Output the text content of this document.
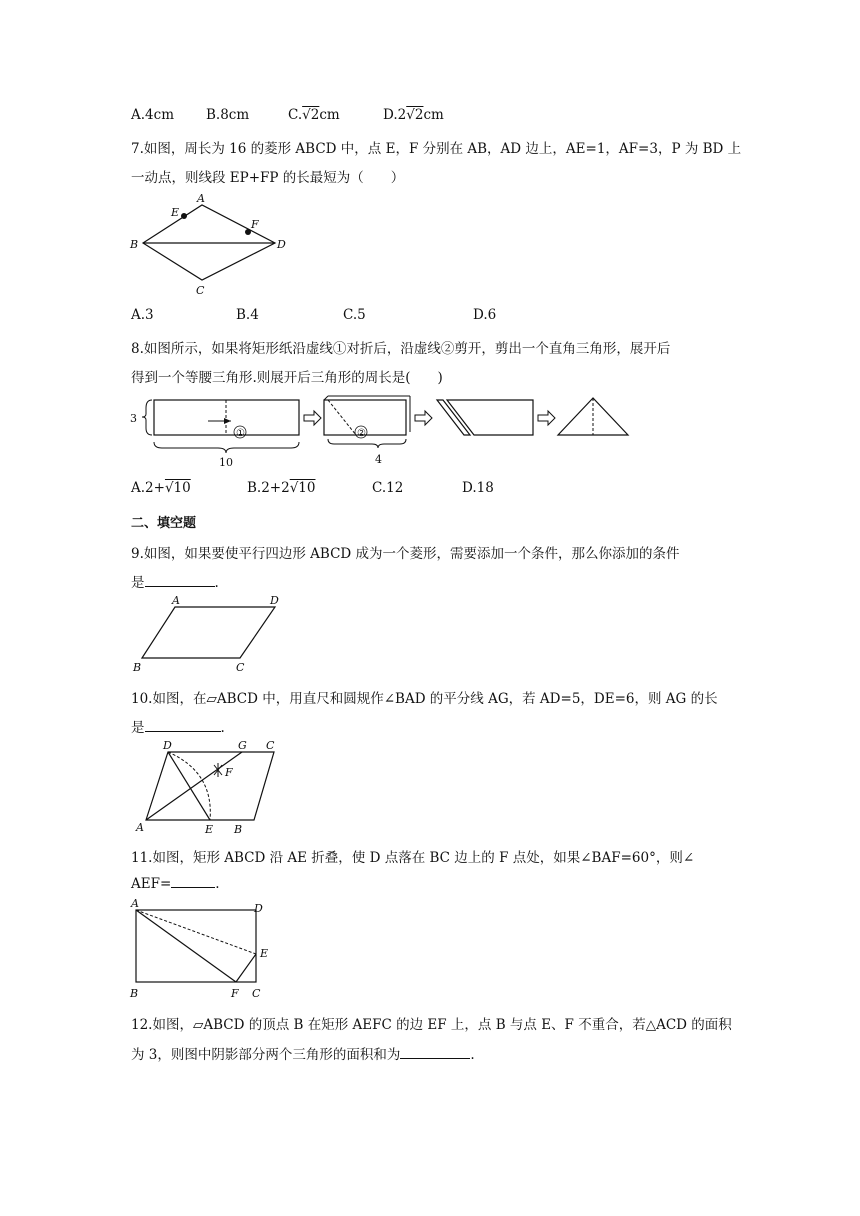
A.4cm B.8cm	C.√2cm	D.2√2cm
7.如图，周长为 16 的菱形 ABCD 中，点 E，F 分别在 AB，AD 边上，AE=1，AF=3，P 为 BD 上
一动点，则线段 EP+FP 的长最短为（　　）
A
E
F
B	D
C
A.3	B.4	C.5	D.6
8.如图所示，如果将矩形纸沿虚线①对折后，沿虚线②剪开，剪出一个直角三角形，展开后
得到一个等腰三角形.则展开后三角形的周长是(　　)
3
①
10
②
4
A.2+√10	B.2+2√10	C.12	D.18
二、填空题
9.如图，如果要使平行四边形 ABCD 成为一个菱形，需要添加一个条件，那么你添加的条件
是	.
A	D
B	C
10.如图，在▱ABCD 中，用直尺和圆规作∠BAD 的平分线 AG，若 AD=5，DE=6，则 AG 的长
是	.
D	G C
F
A	E B
11.如图，矩形 ABCD 沿 AE 折叠，使 D 点落在 BC 边上的 F 点处，如果∠BAF=60°，则∠
AEF=	.
A	D
E
B	F C
12.如图，▱ABCD 的顶点 B 在矩形 AEFC 的边 EF 上，点 B 与点 E、F 不重合，若△ACD 的面积
为 3，则图中阴影部分两个三角形的面积和为	.
